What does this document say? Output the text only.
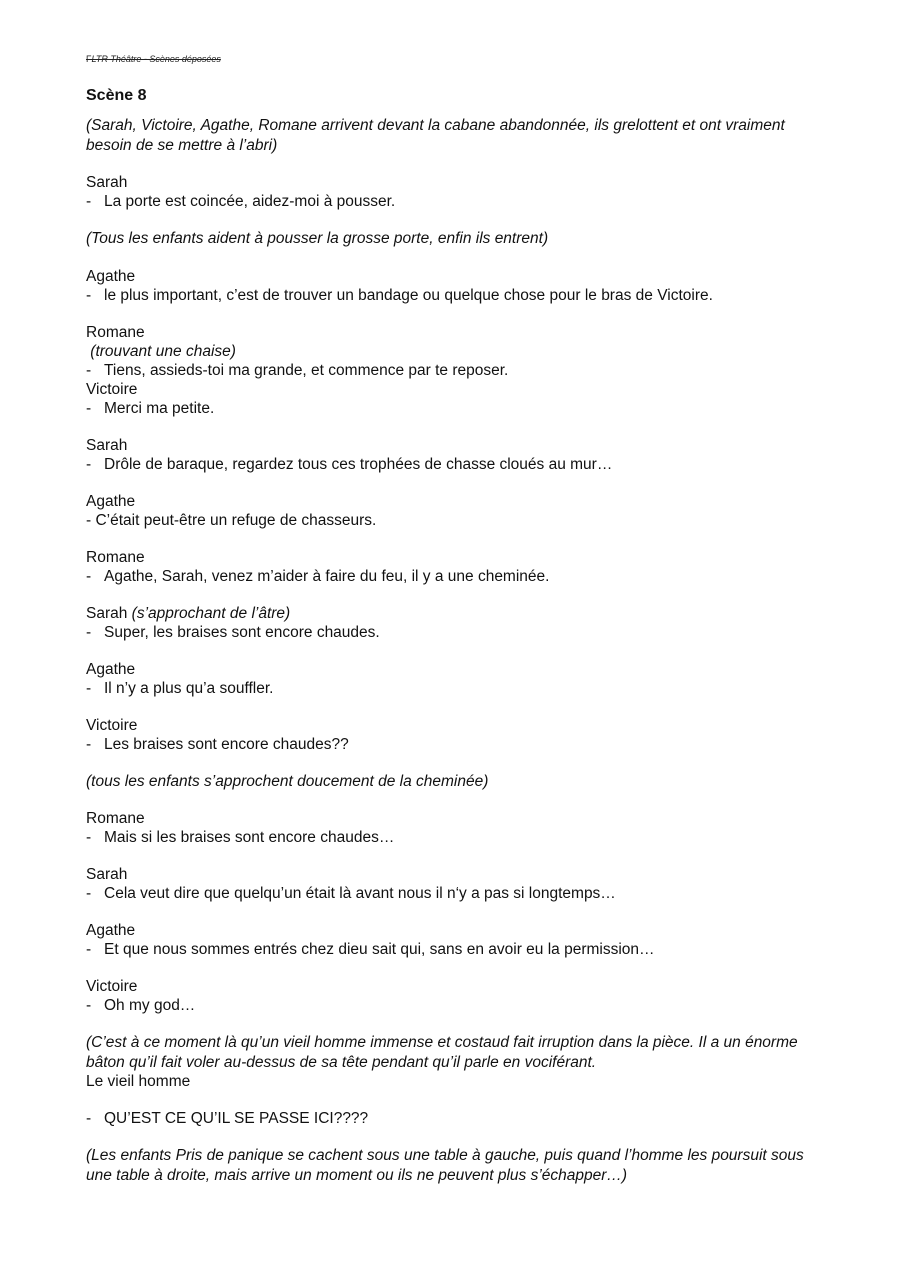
FLTR Théâtre - Scènes déposées
Scène 8
(Sarah, Victoire, Agathe, Romane arrivent devant la cabane abandonnée, ils grelottent et ont vraiment besoin de se mettre à l’abri)
Sarah
- La porte est coincée, aidez-moi à pousser.
(Tous les enfants aident à pousser la grosse porte, enfin ils entrent)
Agathe
- le plus important, c’est de trouver un bandage ou quelque chose pour le bras de Victoire.
Romane
(trouvant une chaise)
- Tiens, assieds-toi ma grande, et commence par te reposer.
Victoire
- Merci ma petite.
Sarah
- Drôle de baraque, regardez tous ces trophées de chasse cloués au mur…
Agathe
- C’était peut-être un refuge de chasseurs.
Romane
- Agathe, Sarah, venez m’aider à faire du feu, il y a une cheminée.
Sarah (s’approchant de l’âtre)
- Super, les braises sont encore chaudes.
Agathe
- Il n’y a plus qu’a souffler.
Victoire
- Les braises sont encore chaudes??
(tous les enfants s’approchent doucement de la cheminée)
Romane
- Mais si les braises sont encore chaudes…
Sarah
- Cela veut dire que quelqu’un était là avant nous il n‘y a pas si longtemps…
Agathe
- Et que nous sommes entrés chez dieu sait qui, sans en avoir eu la permission…
Victoire
- Oh my god…
(C’est à ce moment là qu’un vieil homme immense et costaud fait irruption dans la pièce. Il a un énorme bâton qu’il fait voler au-dessus de sa tête pendant qu’il parle en vociférant.
Le vieil homme
- QU’EST CE QU’IL SE PASSE ICI????
(Les enfants Pris de panique se cachent sous une table à gauche, puis quand l’homme les poursuit sous une table à droite, mais arrive un moment ou ils ne peuvent plus s’échapper…)
